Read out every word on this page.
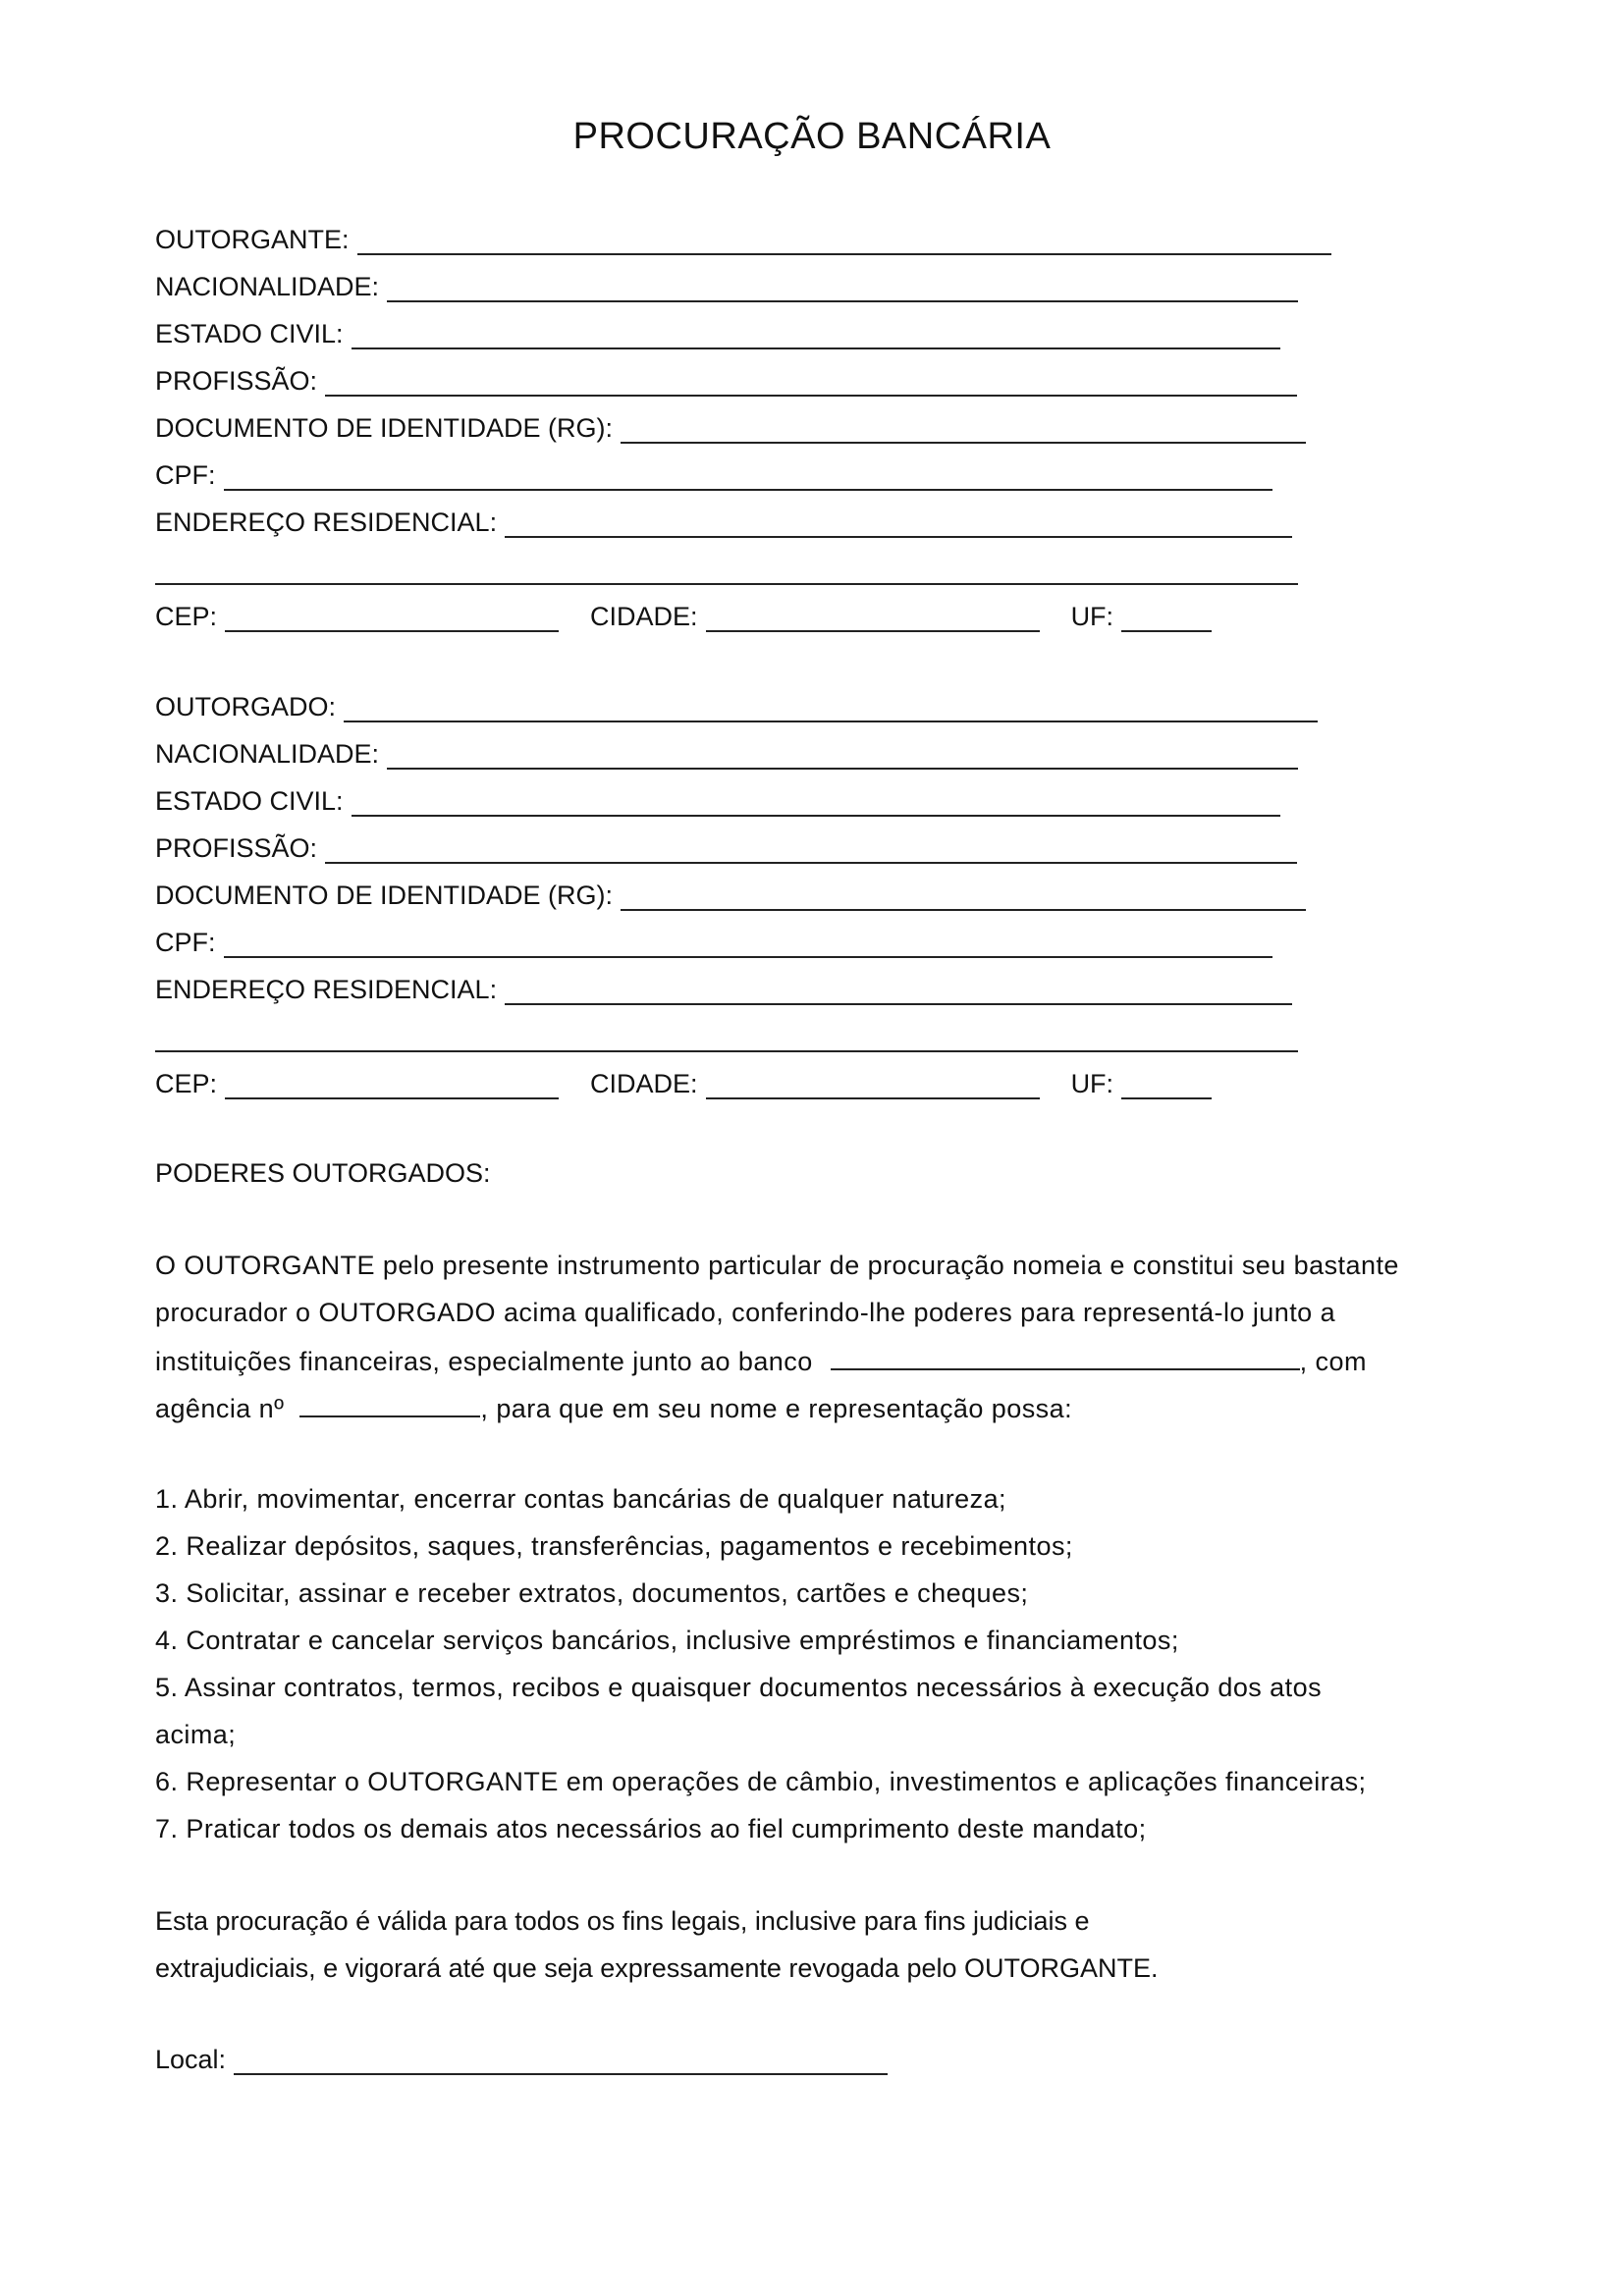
PROCURAÇÃO BANCÁRIA
OUTORGANTE:
NACIONALIDADE:
ESTADO CIVIL:
PROFISSÃO:
DOCUMENTO DE IDENTIDADE (RG):
CPF:
ENDEREÇO RESIDENCIAL:
CEP:	CIDADE:	UF:
OUTORGADO:
NACIONALIDADE:
ESTADO CIVIL:
PROFISSÃO:
DOCUMENTO DE IDENTIDADE (RG):
CPF:
ENDEREÇO RESIDENCIAL:
CEP:	CIDADE:	UF:
PODERES OUTORGADOS:
O OUTORGANTE pelo presente instrumento particular de procuração nomeia e constitui seu bastante
procurador o OUTORGADO acima qualificado, conferindo-lhe poderes para representá-lo junto a
instituições financeiras, especialmente junto ao banco	, com
agência nº	, para que em seu nome e representação possa:
1. Abrir, movimentar, encerrar contas bancárias de qualquer natureza;
2. Realizar depósitos, saques, transferências, pagamentos e recebimentos;
3. Solicitar, assinar e receber extratos, documentos, cartões e cheques;
4. Contratar e cancelar serviços bancários, inclusive empréstimos e financiamentos;
5. Assinar contratos, termos, recibos e quaisquer documentos necessários à execução dos atos
acima;
6. Representar o OUTORGANTE em operações de câmbio, investimentos e aplicações financeiras;
7. Praticar todos os demais atos necessários ao fiel cumprimento deste mandato;
Esta procuração é válida para todos os fins legais, inclusive para fins judiciais e
extrajudiciais, e vigorará até que seja expressamente revogada pelo OUTORGANTE.
Local:
